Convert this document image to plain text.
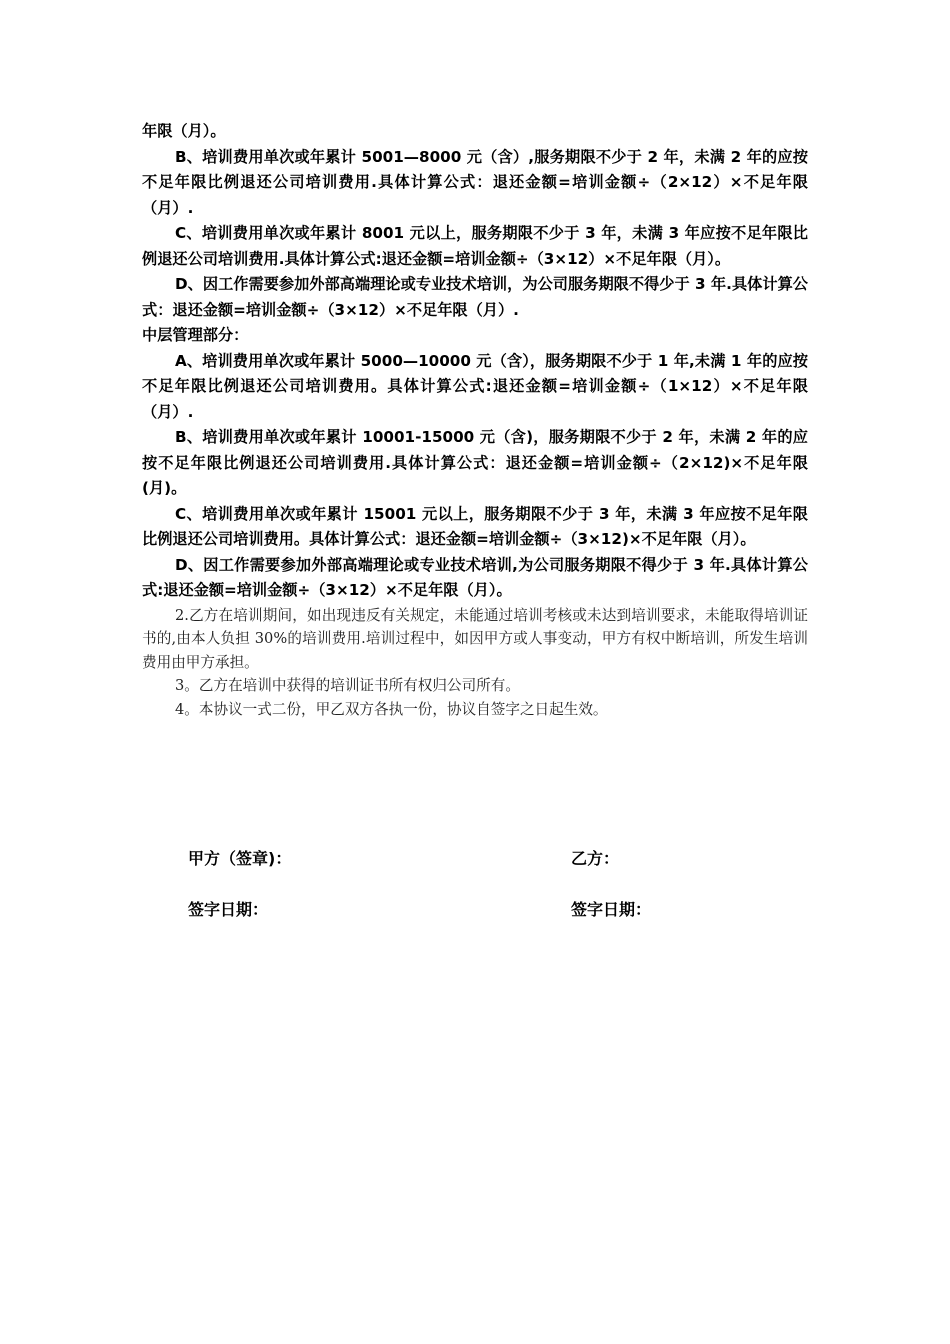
年限（月）。

B、培训费用单次或年累计 5001—8000 元（含）,服务期限不少于 2 年，未满 2 年的应按不足年限比例退还公司培训费用.具体计算公式：退还金额=培训金额÷（2×12）×不足年限（月）.

C、培训费用单次或年累计 8001 元以上，服务期限不少于 3 年，未满 3 年应按不足年限比例退还公司培训费用.具体计算公式:退还金额=培训金额÷（3×12）×不足年限（月）。

D、因工作需要参加外部高端理论或专业技术培训，为公司服务期限不得少于 3 年.具体计算公式：退还金额=培训金额÷（3×12）×不足年限（月）.

中层管理部分：

A、培训费用单次或年累计 5000—10000 元（含），服务期限不少于 1 年,未满 1 年的应按不足年限比例退还公司培训费用。具体计算公式:退还金额=培训金额÷（1×12）×不足年限（月）.

B、培训费用单次或年累计 10001-15000 元（含)，服务期限不少于 2 年，未满 2 年的应按不足年限比例退还公司培训费用.具体计算公式：退还金额=培训金额÷（2×12)×不足年限(月)。

C、培训费用单次或年累计 15001 元以上，服务期限不少于 3 年，未满 3 年应按不足年限比例退还公司培训费用。具体计算公式：退还金额=培训金额÷（3×12)×不足年限（月）。

D、因工作需要参加外部高端理论或专业技术培训,为公司服务期限不得少于 3 年.具体计算公式:退还金额=培训金额÷（3×12）×不足年限（月）。

2.乙方在培训期间，如出现违反有关规定，未能通过培训考核或未达到培训要求，未能取得培训证书的,由本人负担 30%的培训费用.培训过程中，如因甲方或人事变动，甲方有权中断培训，所发生培训费用由甲方承担。

3。乙方在培训中获得的培训证书所有权归公司所有。

4。本协议一式二份，甲乙双方各执一份，协议自签字之日起生效。

甲方（签章)：	乙方：
签字日期：	签字日期：
